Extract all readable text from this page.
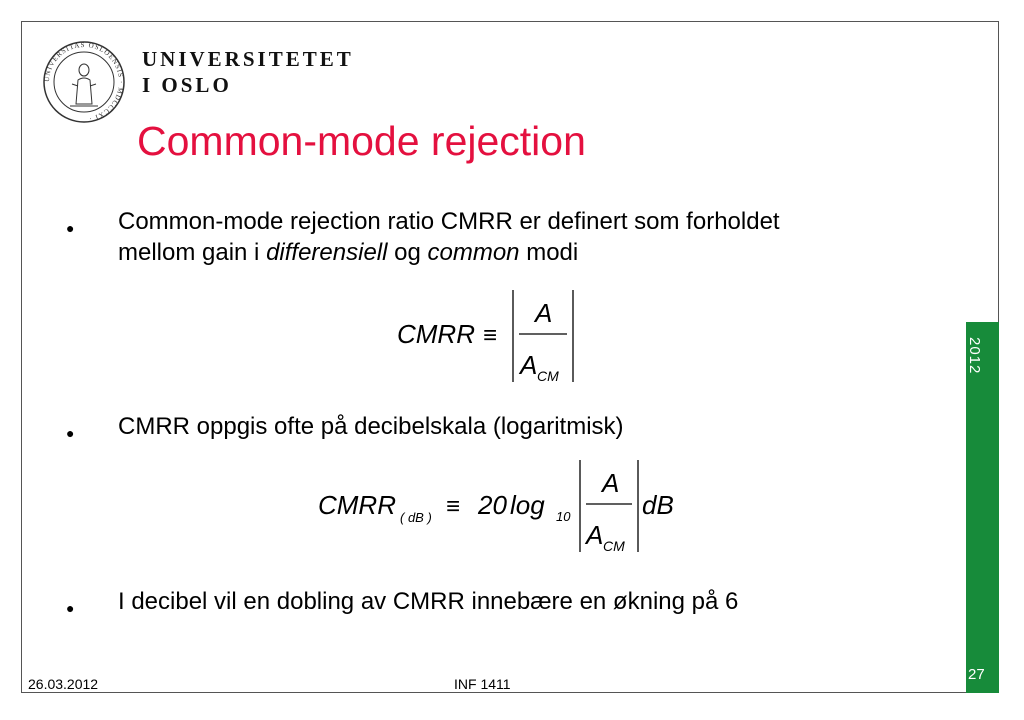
UNIVERSITAS OSLOENSIS · MDCCCXI ·
UNIVERSITETET
I OSLO
Common-mode rejection
● Common-mode rejection ratio CMRR er definert som forholdet mellom gain i differensiell og common modi
CMRR ≡
A
A CM
● CMRR oppgis ofte på decibelskala (logaritmisk)
CMRR ( dB ) ≡ 20 log 10
A
A CM
dB
● I decibel vil en dobling av CMRR innebære en økning på 6
2012
27
26.03.2012	INF 1411
